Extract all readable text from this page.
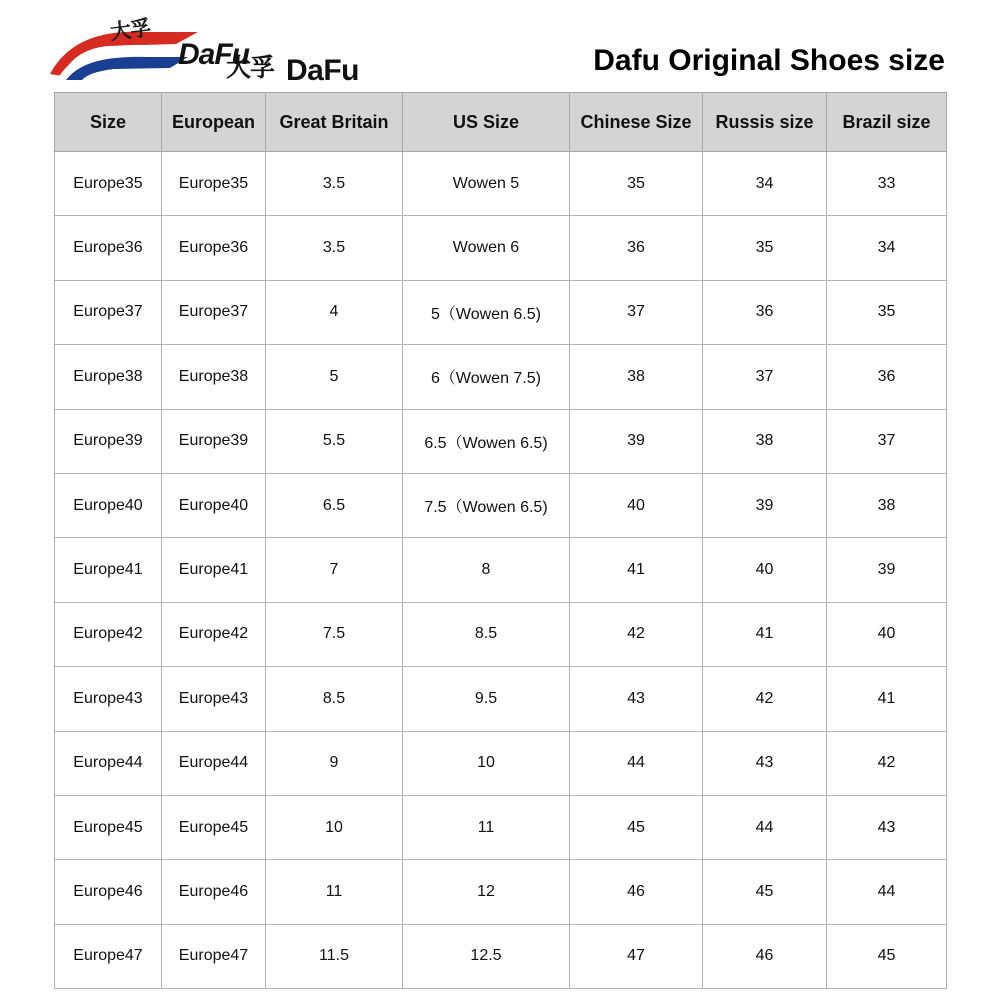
大孚
DaFu
大孚 DaFu	Dafu Original Shoes size
Size	European	Great Britain	US Size	Chinese Size	Russis size	Brazil size
Europe35	Europe35	3.5	Wowen 5	35	34	33
Europe36	Europe36	3.5	Wowen 6	36	35	34
Europe37	Europe37	4	5（Wowen 6.5)	37	36	35
Europe38	Europe38	5	6（Wowen 7.5)	38	37	36
Europe39	Europe39	5.5	6.5（Wowen 6.5)	39	38	37
Europe40	Europe40	6.5	7.5（Wowen 6.5)	40	39	38
Europe41	Europe41	7	8	41	40	39
Europe42	Europe42	7.5	8.5	42	41	40
Europe43	Europe43	8.5	9.5	43	42	41
Europe44	Europe44	9	10	44	43	42
Europe45	Europe45	10	11	45	44	43
Europe46	Europe46	11	12	46	45	44
Europe47	Europe47	11.5	12.5	47	46	45
